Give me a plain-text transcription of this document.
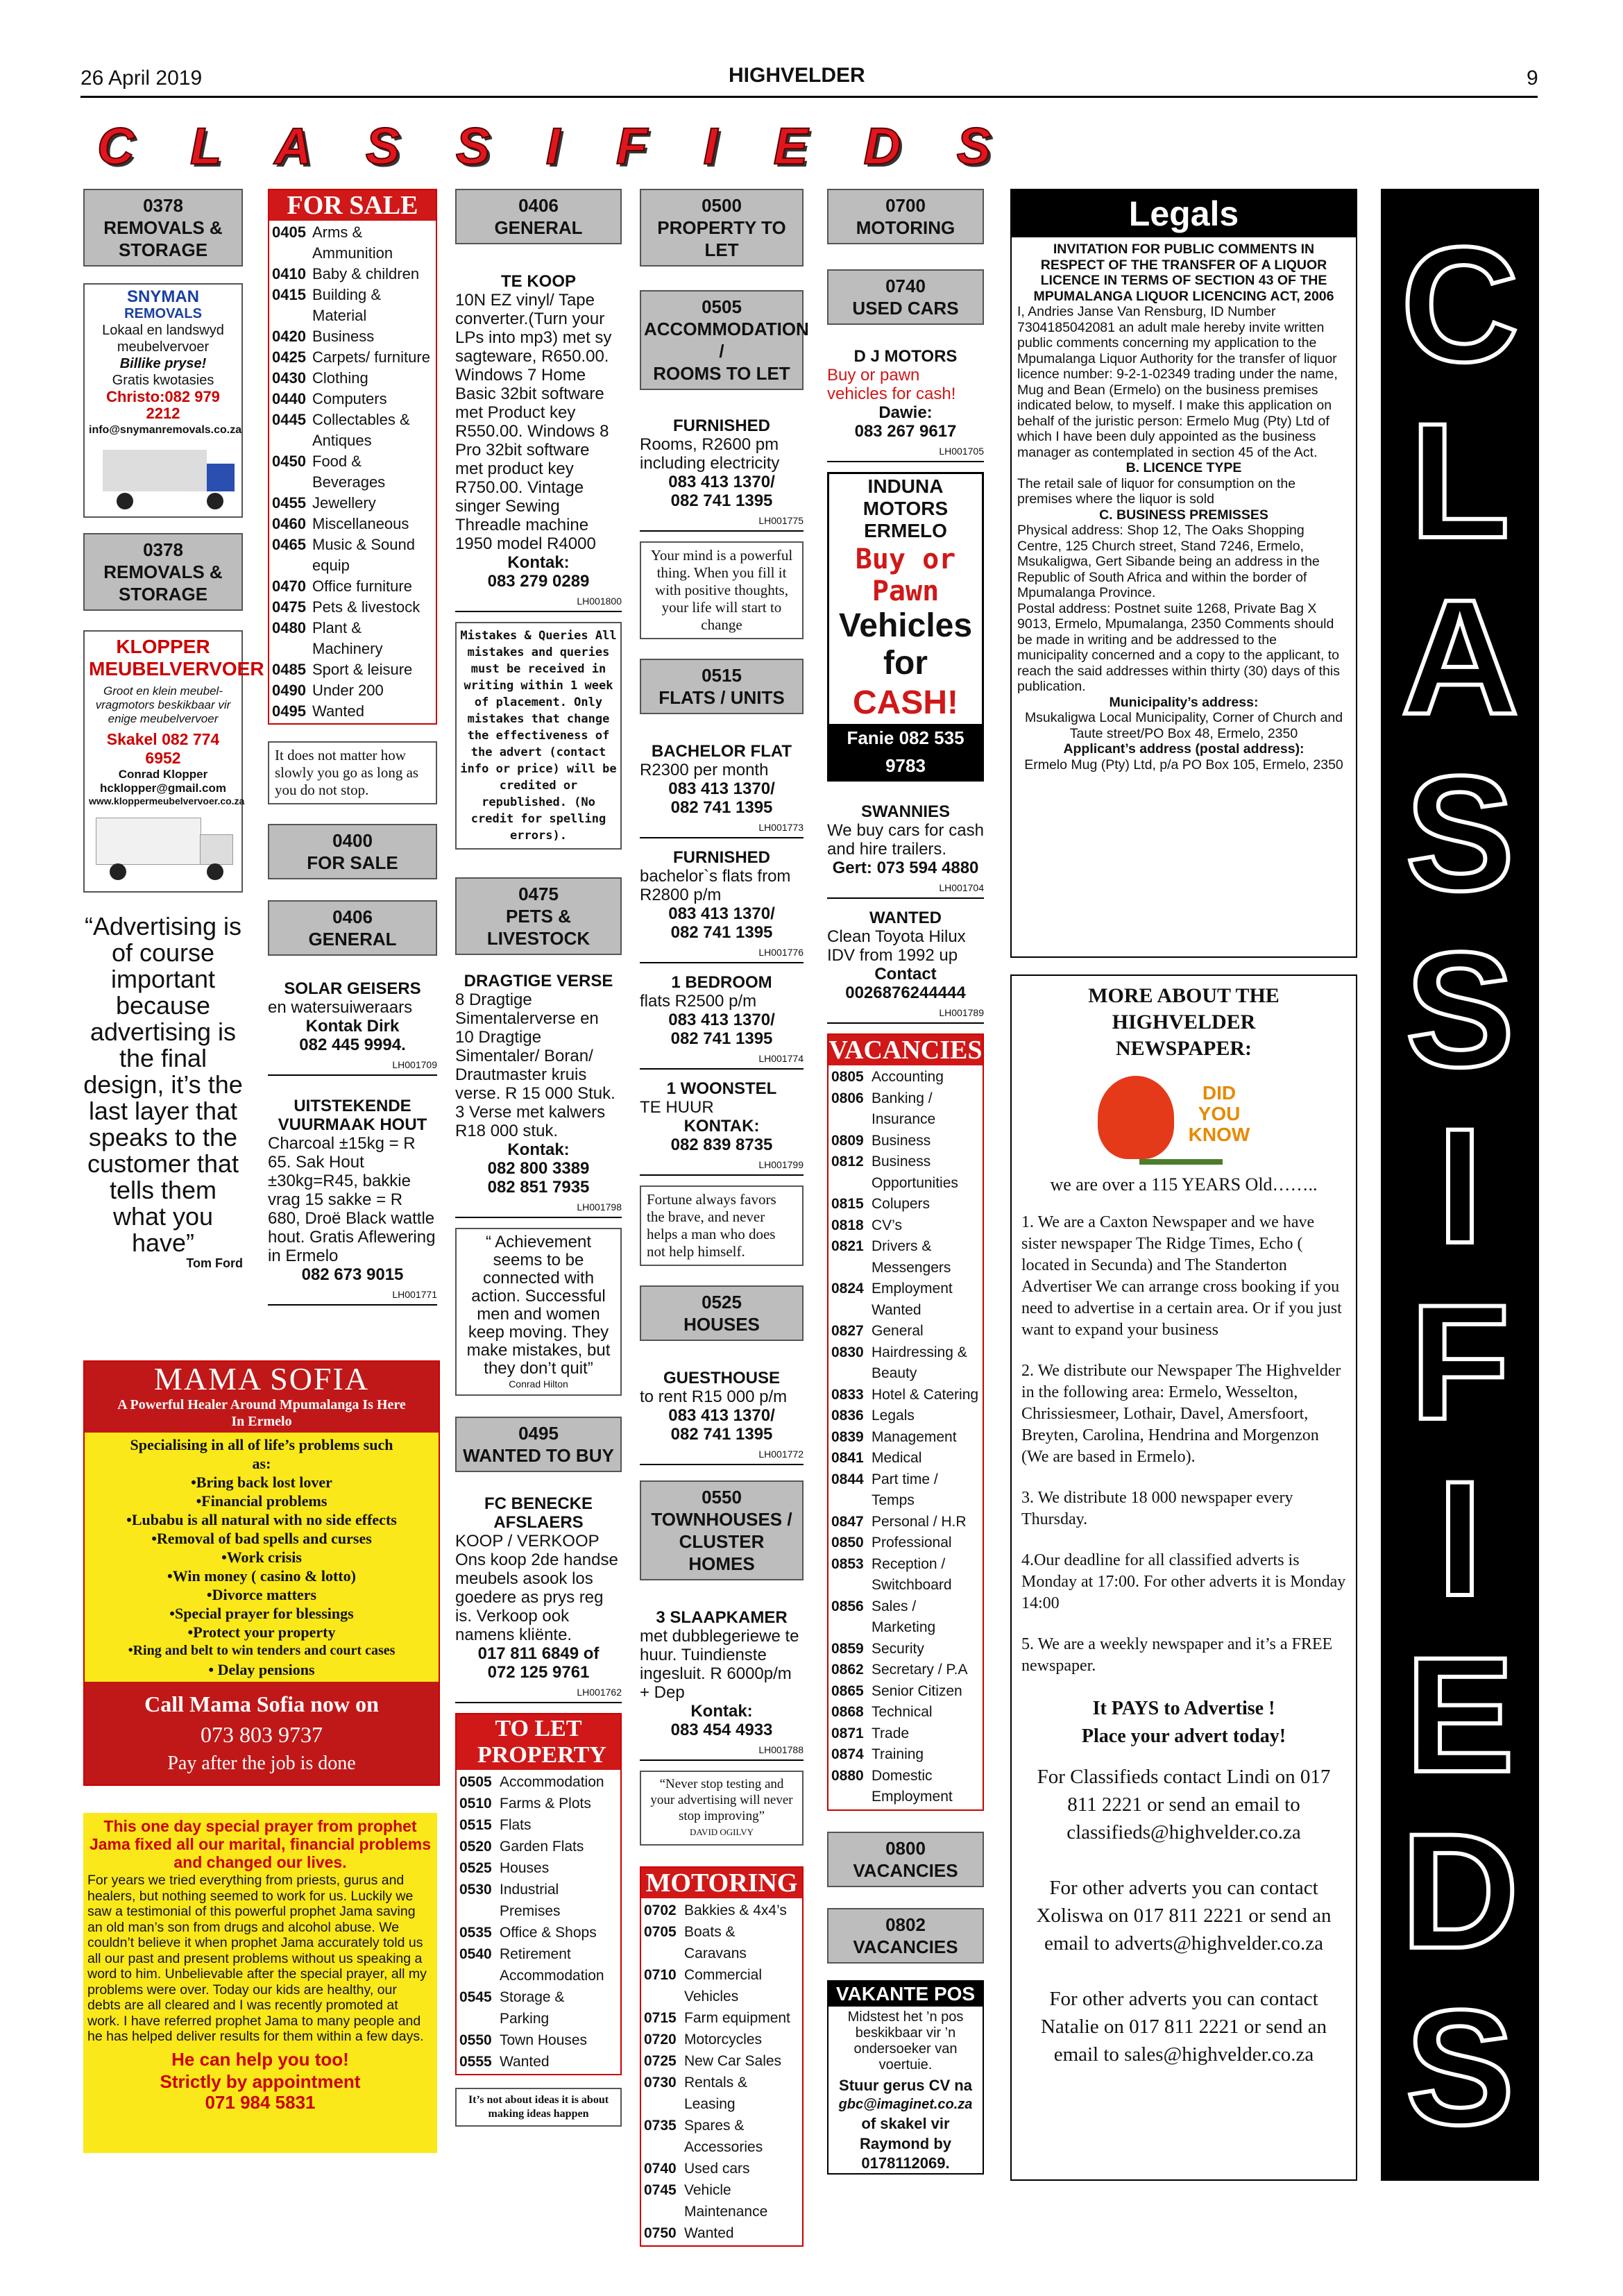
26 April 2019	HIGHVELDER	9
C L A S S I F I E D S
0378
REMOVALS &
STORAGE
SNYMAN
REMOVALS
Lokaal en landswyd
meubelvervoer
Billike pryse!
Gratis kwotasies
Christo:082 979 2212
info@snymanremovals.co.za
0378
REMOVALS &
STORAGE
KLOPPER MEUBELVERVOER
Groot en klein meubel-vragmotors beskikbaar vir enige meubelvervoer
Skakel 082 774 6952
Conrad Klopper
hcklopper@gmail.com
www.kloppermeubelvervoer.co.za
“Advertising is of course important because advertising is the final design, it’s the last layer that speaks to the customer that tells them what you have”
Tom Ford
MAMA SOFIA
A Powerful Healer Around Mpumalanga Is Here In Ermelo
Specialising in all of life’s problems such as:
•Bring back lost lover
•Financial problems
•Lubabu is all natural with no side effects
•Removal of bad spells and curses
•Work crisis
•Win money ( casino & lotto)
•Divorce matters
•Special prayer for blessings
•Protect your property
•Ring and belt to win tenders and court cases
• Delay pensions
Call Mama Sofia now on
073 803 9737
Pay after the job is done
This one day special prayer from prophet Jama fixed all our marital, financial problems and changed our lives.
For years we tried everything from priests, gurus and healers, but nothing seemed to work for us. Luckily we saw a testimonial of this powerful prophet Jama saving an old man’s son from drugs and alcohol abuse. We couldn’t believe it when prophet Jama accurately told us all our past and present problems without us speaking a word to him. Unbelievable after the special prayer, all my problems were over. Today our kids are healthy, our debts are all cleared and I was recently promoted at work. I have referred prophet Jama to many people and he has helped deliver results for them within a few days.
He can help you too!
Strictly by appointment
071 984 5831
FOR SALE
0405 Arms & Ammunition
0410 Baby & children
0415 Building & Material
0420 Business
0425 Carpets/ furniture
0430 Clothing
0440 Computers
0445 Collectables & Antiques
0450 Food & Beverages
0455 Jewellery
0460 Miscellaneous
0465 Music & Sound equip
0470 Office furniture
0475 Pets & livestock
0480 Plant & Machinery
0485 Sport & leisure
0490 Under 200
0495 Wanted
It does not matter how slowly you go as long as you do not stop.
0400
FOR SALE
0406
GENERAL
SOLAR GEISERS
en watersuiweraars
Kontak Dirk
082 445 9994.
LH001709
UITSTEKENDE VUURMAAK HOUT
Charcoal ±15kg = R 65. Sak Hout ±30kg=R45, bakkie vrag 15 sakke = R 680, Droë Black wattle hout. Gratis Aflewering in Ermelo
082 673 9015
LH001771
0406
GENERAL
TE KOOP
10N EZ vinyl/ Tape converter.(Turn your LPs into mp3) met sy sagteware, R650.00. Windows 7 Home Basic 32bit software met Product key R550.00. Windows 8 Pro 32bit software met product key R750.00. Vintage singer Sewing Threadle machine 1950 model R4000
Kontak:
083 279 0289
LH001800
Mistakes & Queries All mistakes and queries must be received in writing within 1 week of placement. Only mistakes that change the effectiveness of the advert (contact info or price) will be credited or republished. (No credit for spelling errors).
0475
PETS & LIVESTOCK
DRAGTIGE VERSE
8 Dragtige Simentalerverse en 10 Dragtige Simentaler/ Boran/ Drautmaster kruis verse. R 15 000 Stuk. 3 Verse met kalwers R18 000 stuk.
Kontak:
082 800 3389
082 851 7935
LH001798
“ Achievement seems to be connected with action. Successful men and women keep moving. They make mistakes, but they don’t quit”
Conrad Hilton
0495
WANTED TO BUY
FC BENECKE AFSLAERS
KOOP / VERKOOP Ons koop 2de handse meubels asook los goedere as prys reg is. Verkoop ook namens kliënte.
017 811 6849 of
072 125 9761
LH001762
TO LET PROPERTY
0505 Accommodation
0510 Farms & Plots
0515 Flats
0520 Garden Flats
0525 Houses
0530 Industrial Premises
0535 Office & Shops
0540 Retirement Accommodation
0545 Storage & Parking
0550 Town Houses
0555 Wanted
It’s not about ideas it is about making ideas happen
0500
PROPERTY TO LET
0505
ACCOMMODATION /
ROOMS TO LET
FURNISHED
Rooms, R2600 pm including electricity
083 413 1370/
082 741 1395
LH001775
Your mind is a powerful thing. When you fill it with positive thoughts, your life will start to change
0515
FLATS / UNITS
BACHELOR FLAT
R2300 per month
083 413 1370/
082 741 1395
LH001773
FURNISHED
bachelor`s flats from R2800 p/m
083 413 1370/
082 741 1395
LH001776
1 BEDROOM
flats R2500 p/m
083 413 1370/
082 741 1395
LH001774
1 WOONSTEL
TE HUUR
KONTAK:
082 839 8735
LH001799
Fortune always favors the brave, and never helps a man who does not help himself.
0525
HOUSES
GUESTHOUSE
to rent R15 000 p/m
083 413 1370/
082 741 1395
LH001772
0550
TOWNHOUSES /
CLUSTER HOMES
3 SLAAPKAMER
met dubblegeriewe te huur. Tuindienste ingesluit. R 6000p/m + Dep
Kontak:
083 454 4933
LH001788
“Never stop testing and your advertising will never stop improving”
DAVID OGILVY
MOTORING
0702 Bakkies & 4x4’s
0705 Boats & Caravans
0710 Commercial Vehicles
0715 Farm equipment
0720 Motorcycles
0725 New Car Sales
0730 Rentals & Leasing
0735 Spares & Accessories
0740 Used cars
0745 Vehicle Maintenance
0750 Wanted
0700
MOTORING
0740
USED CARS
D J MOTORS
Buy or pawn vehicles for cash!
Dawie:
083 267 9617
LH001705
INDUNA MOTORS ERMELO
Buy or
Pawn
Vehicles
for
CASH!
Fanie 082 535 9783
SWANNIES
We buy cars for cash and hire trailers.
Gert: 073 594 4880
LH001704
WANTED
Clean Toyota Hilux IDV from 1992 up
Contact
0026876244444
LH001789
VACANCIES
0805 Accounting
0806 Banking / Insurance
0809 Business
0812 Business Opportunities
0815 Colupers
0818 CV’s
0821 Drivers & Messengers
0824 Employment Wanted
0827 General
0830 Hairdressing & Beauty
0833 Hotel & Catering
0836 Legals
0839 Management
0841 Medical
0844 Part time / Temps
0847 Personal / H.R
0850 Professional
0853 Reception / Switchboard
0856 Sales / Marketing
0859 Security
0862 Secretary / P.A
0865 Senior Citizen
0868 Technical
0871 Trade
0874 Training
0880 Domestic Employment
0800
VACANCIES
0802
VACANCIES
VAKANTE POS
Midstest het ’n pos beskikbaar vir ’n ondersoeker van voertuie.
Stuur gerus CV na
gbc@imaginet.co.za
of skakel vir
Raymond by
0178112069.
Legals
INVITATION FOR PUBLIC COMMENTS IN RESPECT OF THE TRANSFER OF A LIQUOR LICENCE IN TERMS OF SECTION 43 OF THE MPUMALANGA LIQUOR LICENCING ACT, 2006
I, Andries Janse Van Rensburg, ID Number 7304185042081 an adult male hereby invite written public comments concerning my application to the Mpumalanga Liquor Authority for the transfer of liquor licence number: 9-2-1-02349 trading under the name, Mug and Bean (Ermelo) on the business premises indicated below, to myself. I make this application on behalf of the juristic person: Ermelo Mug (Pty) Ltd of which I have been duly appointed as the business manager as contemplated in section 45 of the Act.
B. LICENCE TYPE
The retail sale of liquor for consumption on the premises where the liquor is sold
C. BUSINESS PREMISSES
Physical address: Shop 12, The Oaks Shopping Centre, 125 Church street, Stand 7246, Ermelo, Msukaligwa, Gert Sibande being an address in the Republic of South Africa and within the border of Mpumalanga Province.
Postal address: Postnet suite 1268, Private Bag X 9013, Ermelo, Mpumalanga, 2350 Comments should be made in writing and be addressed to the municipality concerned and a copy to the applicant, to reach the said addresses within thirty (30) days of this publication.
Municipality’s address:
Msukaligwa Local Municipality, Corner of Church and Taute street/PO Box 48, Ermelo, 2350
Applicant’s address (postal address):
Ermelo Mug (Pty) Ltd, p/a PO Box 105, Ermelo, 2350
MORE ABOUT THE HIGHVELDER NEWSPAPER:
DID YOU KNOW
we are over a 115 YEARS Old……..
1. We are a Caxton Newspaper and we have sister newspaper The Ridge Times, Echo ( located in Secunda) and The Standerton Advertiser We can arrange cross booking if you need to advertise in a certain area. Or if you just want to expand your business
2. We distribute our Newspaper The Highvelder in the following area: Ermelo, Wesselton, Chrissiesmeer, Lothair, Davel, Amersfoort, Breyten, Carolina, Hendrina and Morgenzon (We are based in Ermelo).
3. We distribute 18 000 newspaper every Thursday.
4.Our deadline for all classified adverts is Monday at 17:00. For other adverts it is Monday 14:00
5. We are a weekly newspaper and it’s a FREE newspaper.
It PAYS to Advertise !
Place your advert today!
For Classifieds contact Lindi on 017 811 2221 or send an email to classifieds@highvelder.co.za
For other adverts you can contact Xoliswa on 017 811 2221 or send an email to adverts@highvelder.co.za
For other adverts you can contact Natalie on 017 811 2221 or send an email to sales@highvelder.co.za
C
L
A
S
S
I
F
I
E
D
S
